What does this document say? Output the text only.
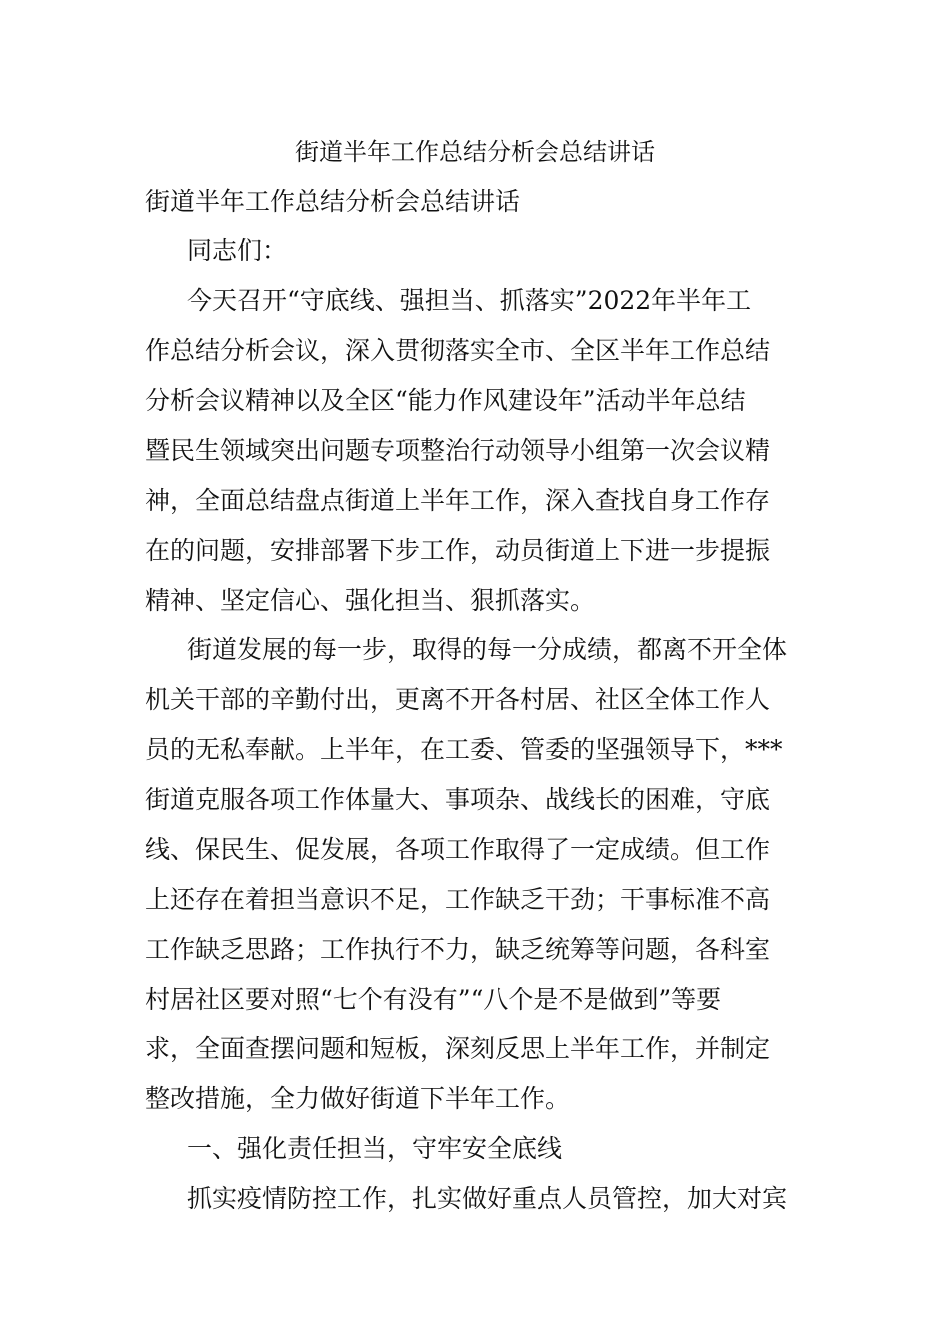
街道半年工作总结分析会总结讲话
街道半年工作总结分析会总结讲话
同志们：
今天召开“守底线、强担当、抓落实”2022年半年工
作总结分析会议，深入贯彻落实全市、全区半年工作总结
分析会议精神以及全区“能力作风建设年”活动半年总结
暨民生领域突出问题专项整治行动领导小组第一次会议精
神，全面总结盘点街道上半年工作，深入查找自身工作存
在的问题，安排部署下步工作，动员街道上下进一步提振
精神、坚定信心、强化担当、狠抓落实。
街道发展的每一步，取得的每一分成绩，都离不开全体
机关干部的辛勤付出，更离不开各村居、社区全体工作人
员的无私奉献。上半年，在工委、管委的坚强领导下，***
街道克服各项工作体量大、事项杂、战线长的困难，守底
线、保民生、促发展，各项工作取得了一定成绩。但工作
上还存在着担当意识不足，工作缺乏干劲；干事标准不高
工作缺乏思路；工作执行不力，缺乏统筹等问题，各科室
村居社区要对照“七个有没有”“八个是不是做到”等要
求，全面查摆问题和短板，深刻反思上半年工作，并制定
整改措施，全力做好街道下半年工作。
一、强化责任担当，守牢安全底线
抓实疫情防控工作，扎实做好重点人员管控，加大对宾
